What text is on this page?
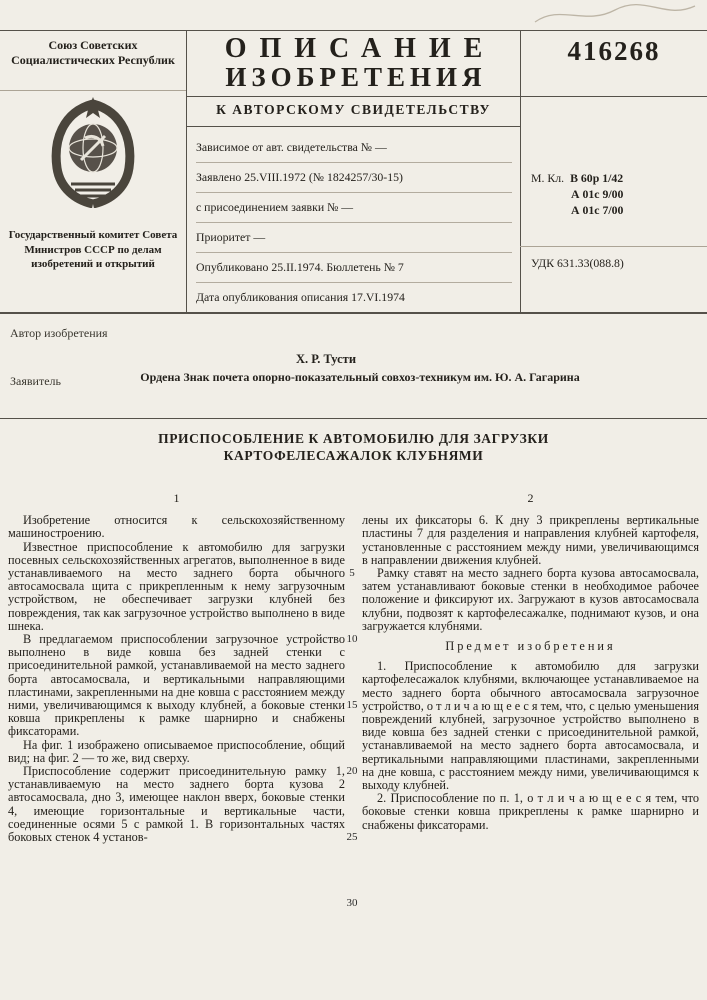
Союз Советских Социалистических Республик
Государственный комитет Совета Министров СССР по делам изобретений и открытий
ОПИСАНИЕ
ИЗОБРЕТЕНИЯ
К АВТОРСКОМУ СВИДЕТЕЛЬСТВУ
416268
Зависимое от авт. свидетельства № —
Заявлено 25.VIII.1972 (№ 1824257/30-15)
с присоединением заявки № —
Приоритет —
Опубликовано 25.II.1974. Бюллетень № 7
Дата опубликования описания 17.VI.1974
М. Кл. В 60р 1/42
А 01с 9/00
А 01с 7/00
УДК 631.33(088.8)
Автор изобретения
Х. Р. Тусти
Заявитель	Ордена Знак почета опорно-показательный совхоз-техникум им. Ю. А. Гагарина
ПРИСПОСОБЛЕНИЕ К АВТОМОБИЛЮ ДЛЯ ЗАГРУЗКИ
КАРТОФЕЛЕСАЖАЛОК КЛУБНЯМИ
1

Изобретение относится к сельскохозяйственному машиностроению.

Известное приспособление к автомобилю для загрузки посевных сельскохозяйственных агрегатов, выполненное в виде устанавливаемого на место заднего борта обычного автосамосвала щита с прикрепленным к нему загрузочным устройством, не обеспечивает загрузки клубней без повреждения, так как загрузочное устройство выполнено в виде шнека.

В предлагаемом приспособлении загрузочное устройство выполнено в виде ковша без задней стенки с присоединительной рамкой, устанавливаемой на место заднего борта автосамосвала, и вертикальными направляющими пластинами, закрепленными на дне ковша с расстоянием между ними, увеличивающимся к выходу клубней, а боковые стенки ковша прикреплены к рамке шарнирно и снабжены фиксаторами.

На фиг. 1 изображено описываемое приспособление, общий вид; на фиг. 2 — то же, вид сверху.

Приспособление содержит присоединительную рамку 1, устанавливаемую на место заднего борта кузова 2 автосамосвала, дно 3, имеющее наклон вверх, боковые стенки 4, имеющие горизонтальные и вертикальные части, соединенные осями 5 с рамкой 1. В горизонтальных частях боковых стенок 4 установ-

2

лены их фиксаторы 6. К дну 3 прикреплены вертикальные пластины 7 для разделения и направления клубней картофеля, установленные с расстоянием между ними, увеличивающимся в направлении движения клубней.

Рамку ставят на место заднего борта кузова автосамосвала, затем устанавливают боковые стенки в необходимое рабочее положение и фиксируют их. Загружают в кузов автосамосвала клубни, подвозят к картофелесажалке, поднимают кузов, и она загружается клубнями.

Предмет изобретения

1. Приспособление к автомобилю для загрузки картофелесажалок клубнями, включающее устанавливаемое на место заднего борта обычного автосамосвала загрузочное устройство, о т л и ч а ю щ е е с я тем, что, с целью уменьшения повреждений клубней, загрузочное устройство выполнено в виде ковша без задней стенки с присоединительной рамкой, устанавливаемой на место заднего борта автосамосвала, и вертикальными направляющими пластинами, закрепленными на дне ковша, с расстоянием между ними, увеличивающимся к выходу клубней.

2. Приспособление по п. 1, о т л и ч а ю щ е е с я тем, что боковые стенки ковша прикреплены к рамке шарнирно и снабжены фиксаторами.

5
10
15
20
25
30
